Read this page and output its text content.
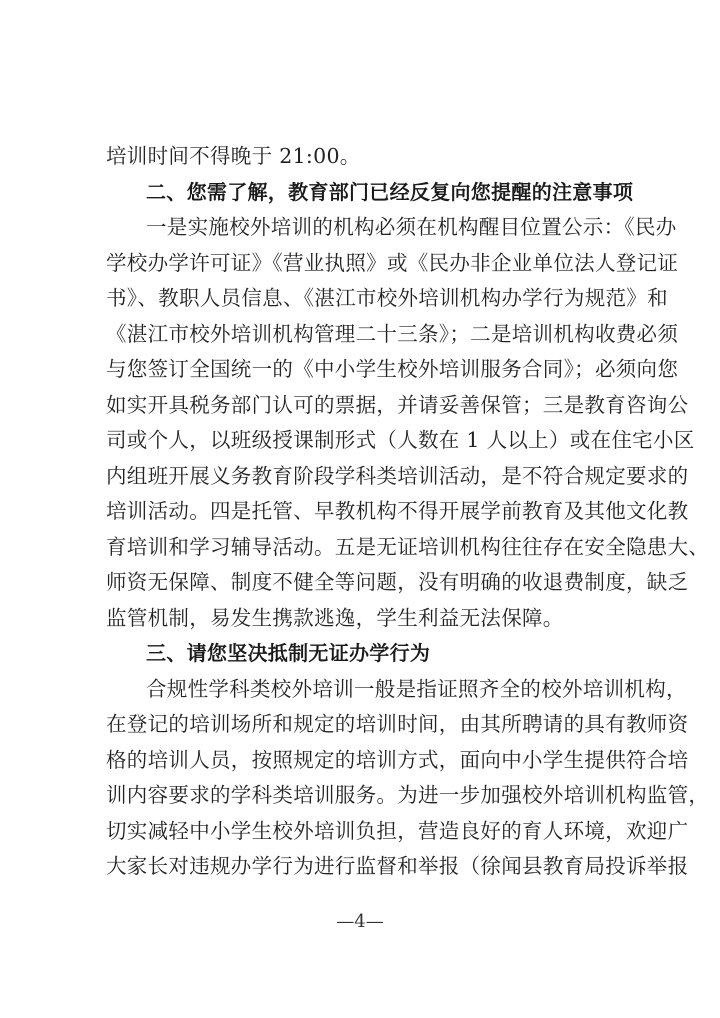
培训时间不得晚于 21:00。
二、您需了解，教育部门已经反复向您提醒的注意事项
一是实施校外培训的机构必须在机构醒目位置公示：《民办
学校办学许可证》《营业执照》或《民办非企业单位法人登记证
书》、教职人员信息、《湛江市校外培训机构办学行为规范》和
《湛江市校外培训机构管理二十三条》；二是培训机构收费必须
与您签订全国统一的《中小学生校外培训服务合同》；必须向您
如实开具税务部门认可的票据，并请妥善保管；三是教育咨询公
司或个人，以班级授课制形式（人数在 1 人以上）或在住宅小区
内组班开展义务教育阶段学科类培训活动，是不符合规定要求的
培训活动。四是托管、早教机构不得开展学前教育及其他文化教
育培训和学习辅导活动。五是无证培训机构往往存在安全隐患大、
师资无保障、制度不健全等问题，没有明确的收退费制度，缺乏
监管机制，易发生携款逃逸，学生利益无法保障。
三、请您坚决抵制无证办学行为
合规性学科类校外培训一般是指证照齐全的校外培训机构，
在登记的培训场所和规定的培训时间，由其所聘请的具有教师资
格的培训人员，按照规定的培训方式，面向中小学生提供符合培
训内容要求的学科类培训服务。为进一步加强校外培训机构监管，
切实减轻中小学生校外培训负担，营造良好的育人环境，欢迎广
大家长对违规办学行为进行监督和举报（徐闻县教育局投诉举报
—4—
